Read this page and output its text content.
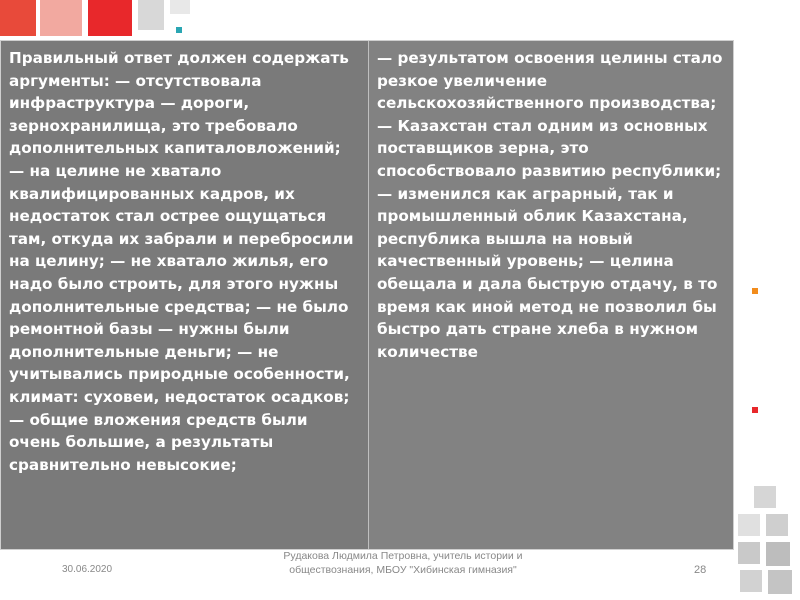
Правильный ответ должен содержать аргументы: — отсутствовала инфраструктура — дороги, зернохранилища, это требовало дополнительных капиталовложений; — на целине не хватало квалифицированных кадров, их недостаток стал острее ощущаться там, откуда их забрали и перебросили на целину; — не хватало жилья, его надо было строить, для этого нужны дополнительные средства; — не было ремонтной базы — нужны были дополнительные деньги; — не учитывались природные особенности, климат: суховеи, недостаток осадков; — общие вложения средств были очень большие, а результаты сравнительно невысокие;
— результатом освоения целины стало резкое увеличение сельскохозяйственного производства; — Казахстан стал одним из основных поставщиков зерна, это способствовало развитию республики; — изменился как аграрный, так и промышленный облик Казахстана, республика вышла на новый качественный уровень; — целина обещала и дала быструю отдачу, в то время как иной метод не позволил бы быстро дать стране хлеба в нужном количестве
30.06.2020
Рудакова Людмила Петровна, учитель истории и обществознания, МБОУ "Хибинская гимназия"	28
